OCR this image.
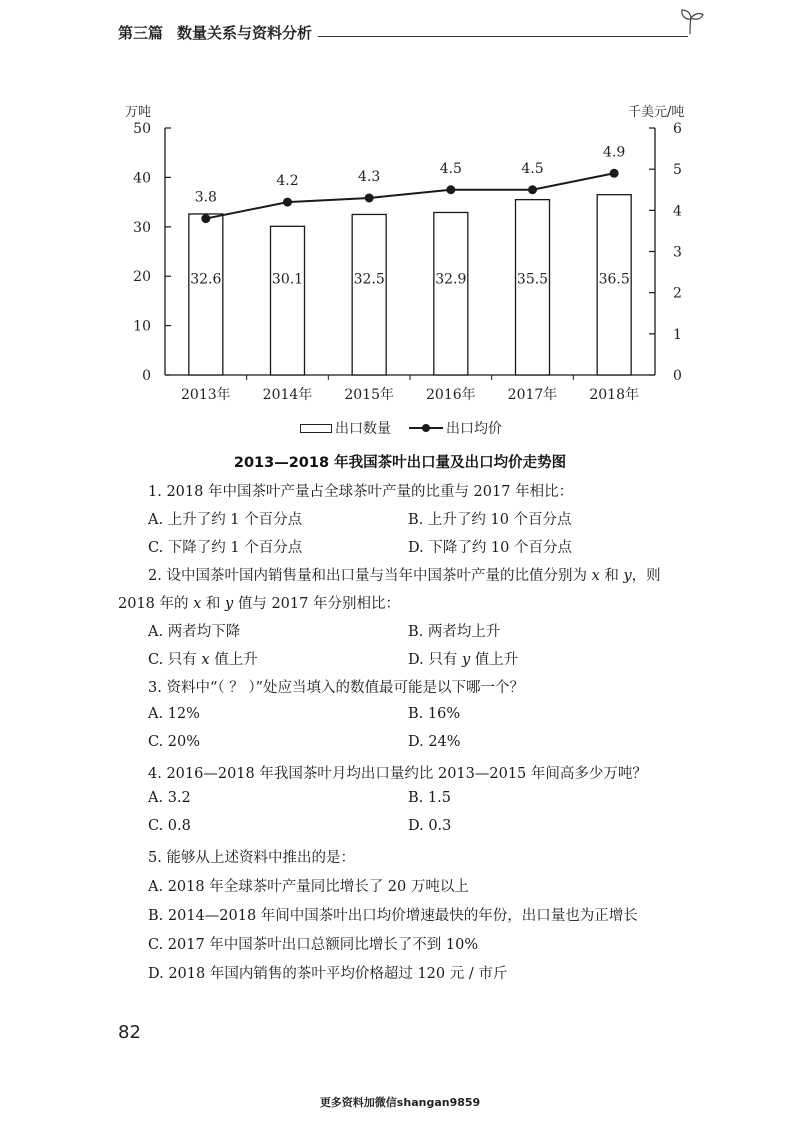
第三篇 数量关系与资料分析
0
10
20
30
40
50
0
1
2
3
4
5
6
2013年 2014年 2015年 2016年 2017年 2018年
32.6	30.1	32.5	32.9	35.5	36.5
3.8
4.2	4.3
4.5	4.5
4.9
万吨	千美元/吨
出口数量	出口均价
2013—2018 年我国茶叶出口量及出口均价走势图
1. 2018 年中国茶叶产量占全球茶叶产量的比重与 2017 年相比：
A. 上升了约 1 个百分点	B. 上升了约 10 个百分点
C. 下降了约 1 个百分点	D. 下降了约 10 个百分点
2. 设中国茶叶国内销售量和出口量与当年中国茶叶产量的比值分别为 x 和 y，则
2018 年的 x 和 y 值与 2017 年分别相比：
A. 两者均下降	B. 两者均上升
C. 只有 x 值上升	D. 只有 y 值上升
3. 资料中“（ ？ ）”处应当填入的数值最可能是以下哪一个？
A. 12%	B. 16%
C. 20%	D. 24%
4. 2016—2018 年我国茶叶月均出口量约比 2013—2015 年间高多少万吨？
A. 3.2	B. 1.5
C. 0.8	D. 0.3
5. 能够从上述资料中推出的是：
A. 2018 年全球茶叶产量同比增长了 20 万吨以上
B. 2014—2018 年间中国茶叶出口均价增速最快的年份，出口量也为正增长
C. 2017 年中国茶叶出口总额同比增长了不到 10%
D. 2018 年国内销售的茶叶平均价格超过 120 元 / 市斤
82
更多资料加微信shangan9859
